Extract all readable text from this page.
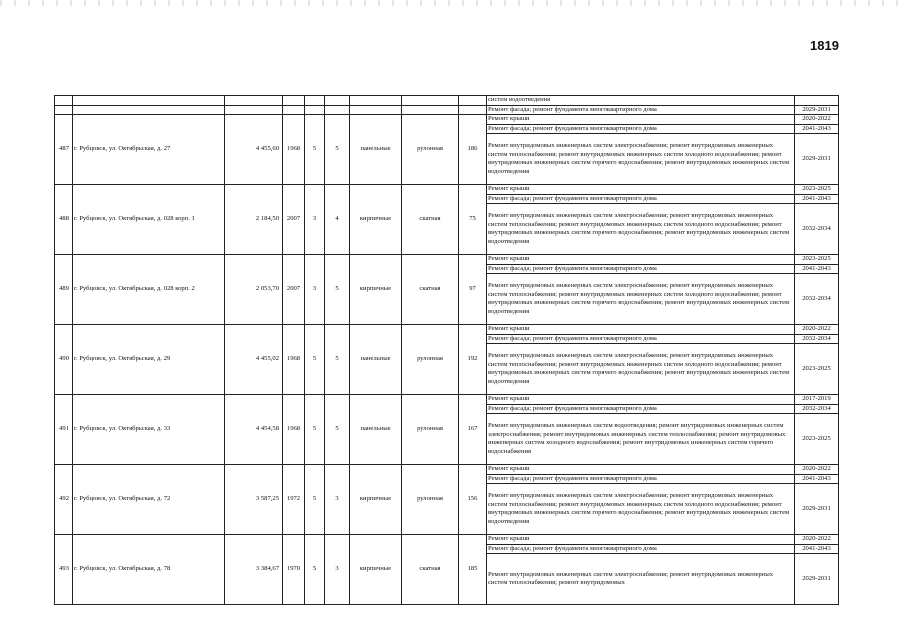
1819
									систем водоотведения	
									Ремонт фасада; ремонт фундамента многоквартирного дома	2029-2031
487	г. Рубцовск, ул. Октябрьская, д. 27	4 455,60	1968	5	5	панельные	рулонная	186	Ремонт крыши	2020-2022
									Ремонт фасада; ремонт фундамента многоквартирного дома	2041-2043
									Ремонт внутридомовых инженерных систем электроснабжения; ремонт внутридомовых инженерных систем теплоснабжения; ремонт внутридомовых инженерных систем холодного водоснабжения; ремонт внутридомовых инженерных систем горячего водоснабжения; ремонт внутридомовых инженерных систем водоотведения	2029-2031
488	г. Рубцовск, ул. Октябрьская, д. 028 корп. 1	2 184,50	2007	3	4	кирпичные	скатная	75	Ремонт крыши	2023-2025
									Ремонт фасада; ремонт фундамента многоквартирного дома	2041-2043
									Ремонт внутридомовых инженерных систем электроснабжения; ремонт внутридомовых инженерных систем теплоснабжения; ремонт внутридомовых инженерных систем холодного водоснабжения; ремонт внутридомовых инженерных систем горячего водоснабжения; ремонт внутридомовых инженерных систем водоотведения	2032-2034
489	г. Рубцовск, ул. Октябрьская, д. 028 корп. 2	2 053,70	2007	3	5	кирпичные	скатная	97	Ремонт крыши	2023-2025
									Ремонт фасада; ремонт фундамента многоквартирного дома	2041-2043
									Ремонт внутридомовых инженерных систем электроснабжения; ремонт внутридомовых инженерных систем теплоснабжения; ремонт внутридомовых инженерных систем холодного водоснабжения; ремонт внутридомовых инженерных систем горячего водоснабжения; ремонт внутридомовых инженерных систем водоотведения	2032-2034
490	г. Рубцовск, ул. Октябрьская, д. 29	4 455,02	1968	5	5	панельные	рулонная	192	Ремонт крыши	2020-2022
									Ремонт фасада; ремонт фундамента многоквартирного дома	2032-2034
									Ремонт внутридомовых инженерных систем электроснабжения; ремонт внутридомовых инженерных систем теплоснабжения; ремонт внутридомовых инженерных систем холодного водоснабжения; ремонт внутридомовых инженерных систем горячего водоснабжения; ремонт внутридомовых инженерных систем водоотведения	2023-2025
491	г. Рубцовск, ул. Октябрьская, д. 33	4 454,58	1968	5	5	панельные	рулонная	167	Ремонт крыши	2017-2019
									Ремонт фасада; ремонт фундамента многоквартирного дома	2032-2034
									Ремонт внутридомовых инженерных систем водоотведения; ремонт внутридомовых инженерных систем электроснабжения; ремонт внутридомовых инженерных систем теплоснабжения; ремонт внутридомовых инженерных систем холодного водоснабжения; ремонт внутридомовых инженерных систем горячего водоснабжения	2023-2025
492	г. Рубцовск, ул. Октябрьская, д. 72	3 587,25	1972	5	3	кирпичные	рулонная	156	Ремонт крыши	2020-2022
									Ремонт фасада; ремонт фундамента многоквартирного дома	2041-2043
									Ремонт внутридомовых инженерных систем электроснабжения; ремонт внутридомовых инженерных систем теплоснабжения; ремонт внутридомовых инженерных систем холодного водоснабжения; ремонт внутридомовых инженерных систем горячего водоснабжения; ремонт внутридомовых инженерных систем водоотведения	2029-2031
493	г. Рубцовск, ул. Октябрьская, д. 78	3 384,67	1970	5	3	кирпичные	скатная	185	Ремонт крыши	2020-2022
									Ремонт фасада; ремонт фундамента многоквартирного дома	2041-2043
									Ремонт внутридомовых инженерных систем электроснабжения; ремонт внутридомовых инженерных систем теплоснабжения; ремонт внутридомовых	2029-2031
